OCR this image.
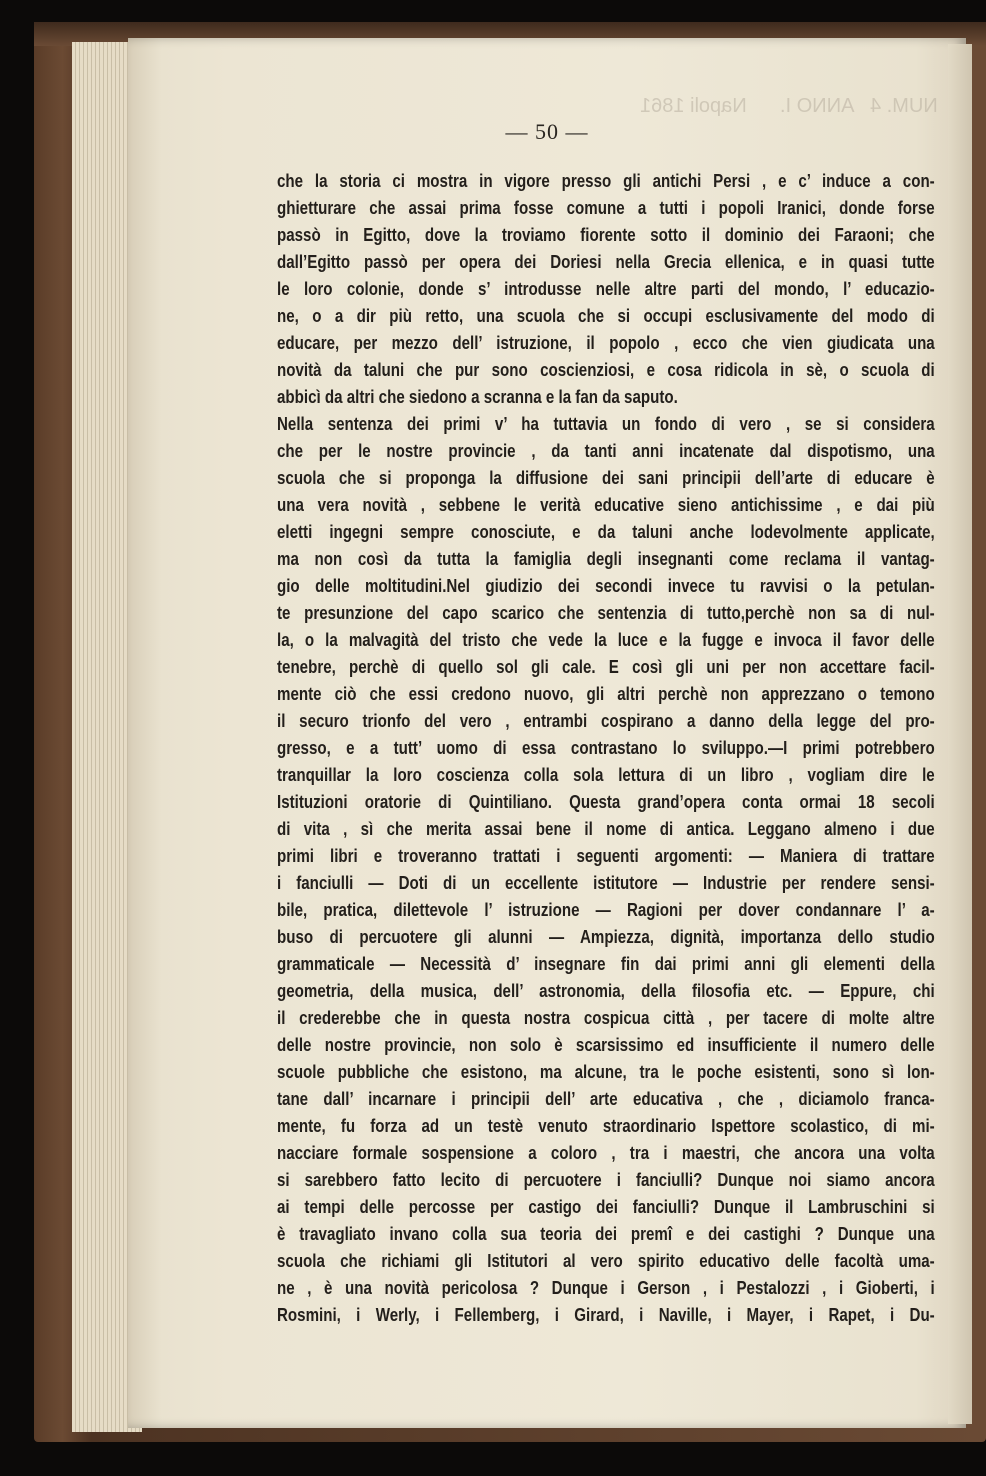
ANNO I.
Napoli 1861	NUM. 4
— 50 —
che la storia ci mostra in vigore presso gli antichi Persi , e c’ induce a con-
ghietturare che assai prima fosse comune a tutti i popoli Iranici, donde forse
passò in Egitto, dove la troviamo fiorente sotto il dominio dei Faraoni; che
dall’Egitto passò per opera dei Doriesi nella Grecia ellenica, e in quasi tutte
le loro colonie, donde s’ introdusse nelle altre parti del mondo, l’ educazio-
ne, o a dir più retto, una scuola che si occupi esclusivamente del modo di
educare, per mezzo dell’ istruzione, il popolo , ecco che vien giudicata una
novità da taluni che pur sono coscienziosi, e cosa ridicola in sè, o scuola di
abbicì da altri che siedono a scranna e la fan da saputo.
Nella sentenza dei primi v’ ha tuttavia un fondo di vero , se si considera
che per le nostre provincie , da tanti anni incatenate dal dispotismo, una
scuola che si proponga la diffusione dei sani principii dell’arte di educare è
una vera novità , sebbene le verità educative sieno antichissime , e dai più
eletti ingegni sempre conosciute, e da taluni anche lodevolmente applicate,
ma non così da tutta la famiglia degli insegnanti come reclama il vantag-
gio delle moltitudini.Nel giudizio dei secondi invece tu ravvisi o la petulan-
te presunzione del capo scarico che sentenzia di tutto,perchè non sa di nul-
la, o la malvagità del tristo che vede la luce e la fugge e invoca il favor delle
tenebre, perchè di quello sol gli cale. E così gli uni per non accettare facil-
mente ciò che essi credono nuovo, gli altri perchè non apprezzano o temono
il securo trionfo del vero , entrambi cospirano a danno della legge del pro-
gresso, e a tutt’ uomo di essa contrastano lo sviluppo.—I primi potrebbero
tranquillar la loro coscienza colla sola lettura di un libro , vogliam dire le
Istituzioni oratorie di Quintiliano. Questa grand’opera conta ormai 18 secoli
di vita , sì che merita assai bene il nome di antica. Leggano almeno i due
primi libri e troveranno trattati i seguenti argomenti: — Maniera di trattare
i fanciulli — Doti di un eccellente istitutore — Industrie per rendere sensi-
bile, pratica, dilettevole l’ istruzione — Ragioni per dover condannare l’ a-
buso di percuotere gli alunni — Ampiezza, dignità, importanza dello studio
grammaticale — Necessità d’ insegnare fin dai primi anni gli elementi della
geometria, della musica, dell’ astronomia, della filosofia etc. — Eppure, chi
il crederebbe che in questa nostra cospicua città , per tacere di molte altre
delle nostre provincie, non solo è scarsissimo ed insufficiente il numero delle
scuole pubbliche che esistono, ma alcune, tra le poche esistenti, sono sì lon-
tane dall’ incarnare i principii dell’ arte educativa , che , diciamolo franca-
mente, fu forza ad un testè venuto straordinario Ispettore scolastico, di mi-
nacciare formale sospensione a coloro , tra i maestri, che ancora una volta
si sarebbero fatto lecito di percuotere i fanciulli? Dunque noi siamo ancora
ai tempi delle percosse per castigo dei fanciulli? Dunque il Lambruschini si
è travagliato invano colla sua teoria dei premî e dei castighi ? Dunque una
scuola che richiami gli Istitutori al vero spirito educativo delle facoltà uma-
ne , è una novità pericolosa ? Dunque i Gerson , i Pestalozzi , i Gioberti, i
Rosmini, i Werly, i Fellemberg, i Girard, i Naville, i Mayer, i Rapet, i Du-
